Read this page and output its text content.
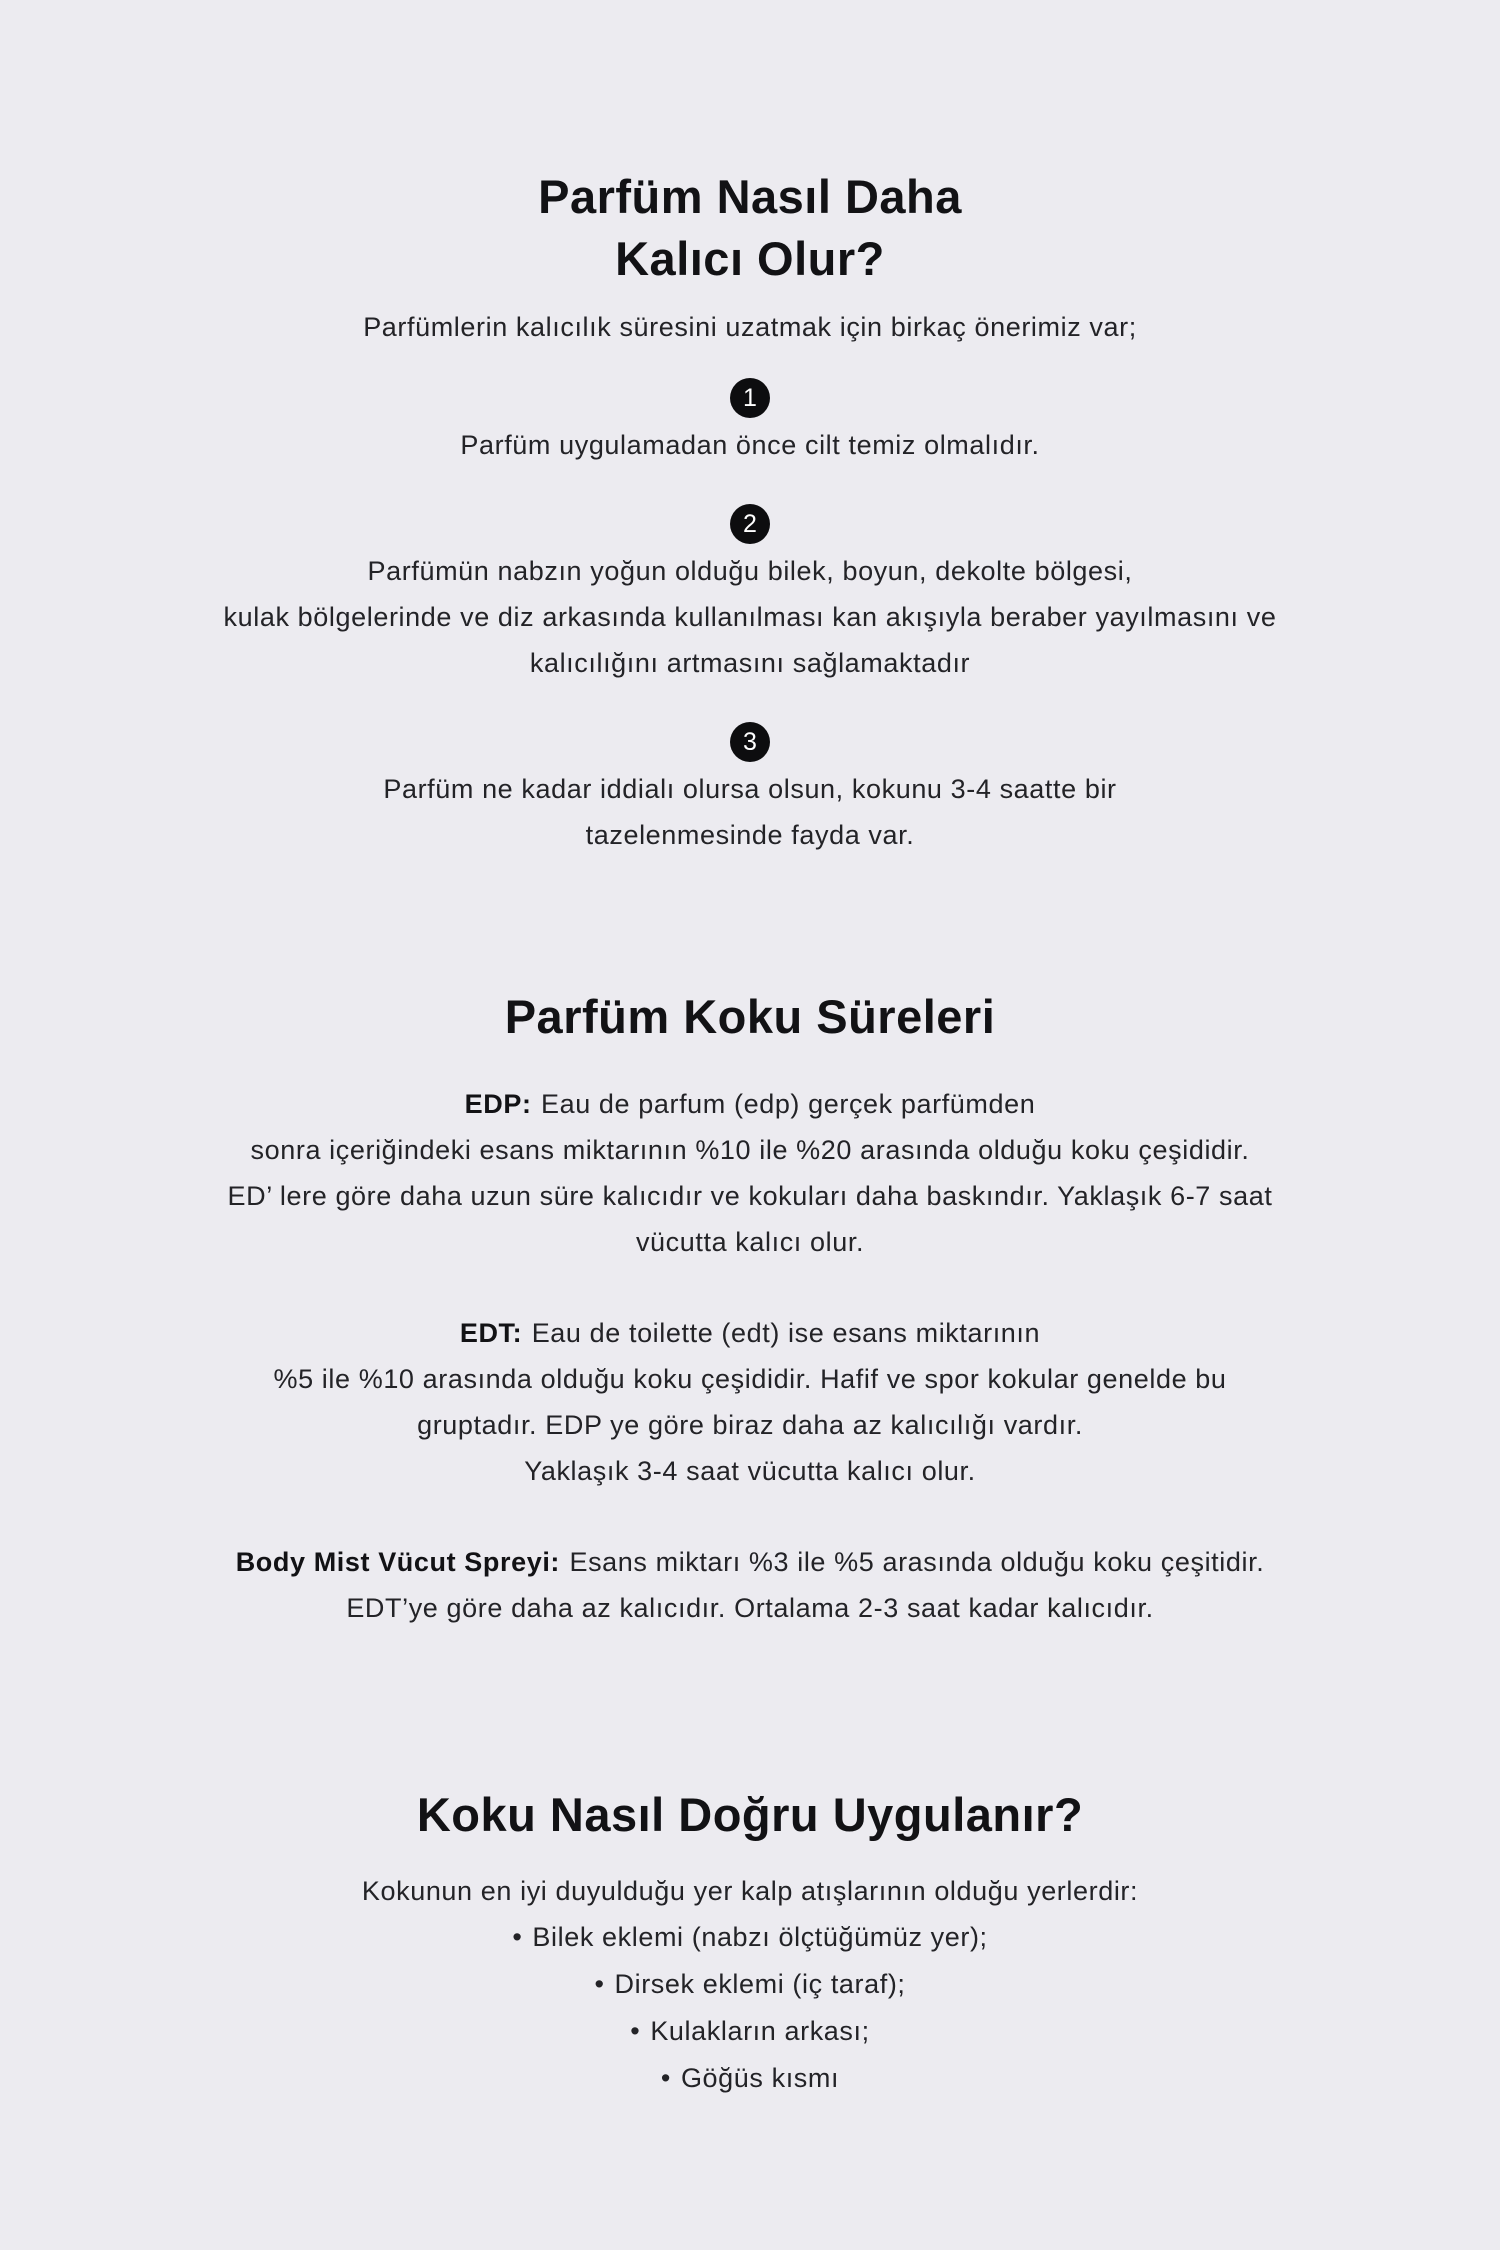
Parfüm Nasıl Daha
Kalıcı Olur?

Parfümlerin kalıcılık süresini uzatmak için birkaç önerimiz var;

1

Parfüm uygulamadan önce cilt temiz olmalıdır.

2

Parfümün nabzın yoğun olduğu bilek, boyun, dekolte bölgesi,

kulak bölgelerinde ve diz arkasında kullanılması kan akışıyla beraber yayılmasını ve

kalıcılığını artmasını sağlamaktadır

3

Parfüm ne kadar iddialı olursa olsun, kokunu 3-4 saatte bir

tazelenmesinde fayda var.

Parfüm Koku Süreleri

EDP: Eau de parfum (edp) gerçek parfümden

sonra içeriğindeki esans miktarının %10 ile %20 arasında olduğu koku çeşididir.

ED’ lere göre daha uzun süre kalıcıdır ve kokuları daha baskındır. Yaklaşık 6-7 saat

vücutta kalıcı olur.

EDT: Eau de toilette (edt) ise esans miktarının

%5 ile %10 arasında olduğu koku çeşididir. Hafif ve spor kokular genelde bu

gruptadır. EDP ye göre biraz daha az kalıcılığı vardır.

Yaklaşık 3-4 saat vücutta kalıcı olur.

Body Mist Vücut Spreyi: Esans miktarı %3 ile %5 arasında olduğu koku çeşitidir.

EDT’ye göre daha az kalıcıdır. Ortalama 2-3 saat kadar kalıcıdır.

Koku Nasıl Doğru Uygulanır?

Kokunun en iyi duyulduğu yer kalp atışlarının olduğu yerlerdir:

• Bilek eklemi (nabzı ölçtüğümüz yer);
• Dirsek eklemi (iç taraf);
• Kulakların arkası;
• Göğüs kısmı
